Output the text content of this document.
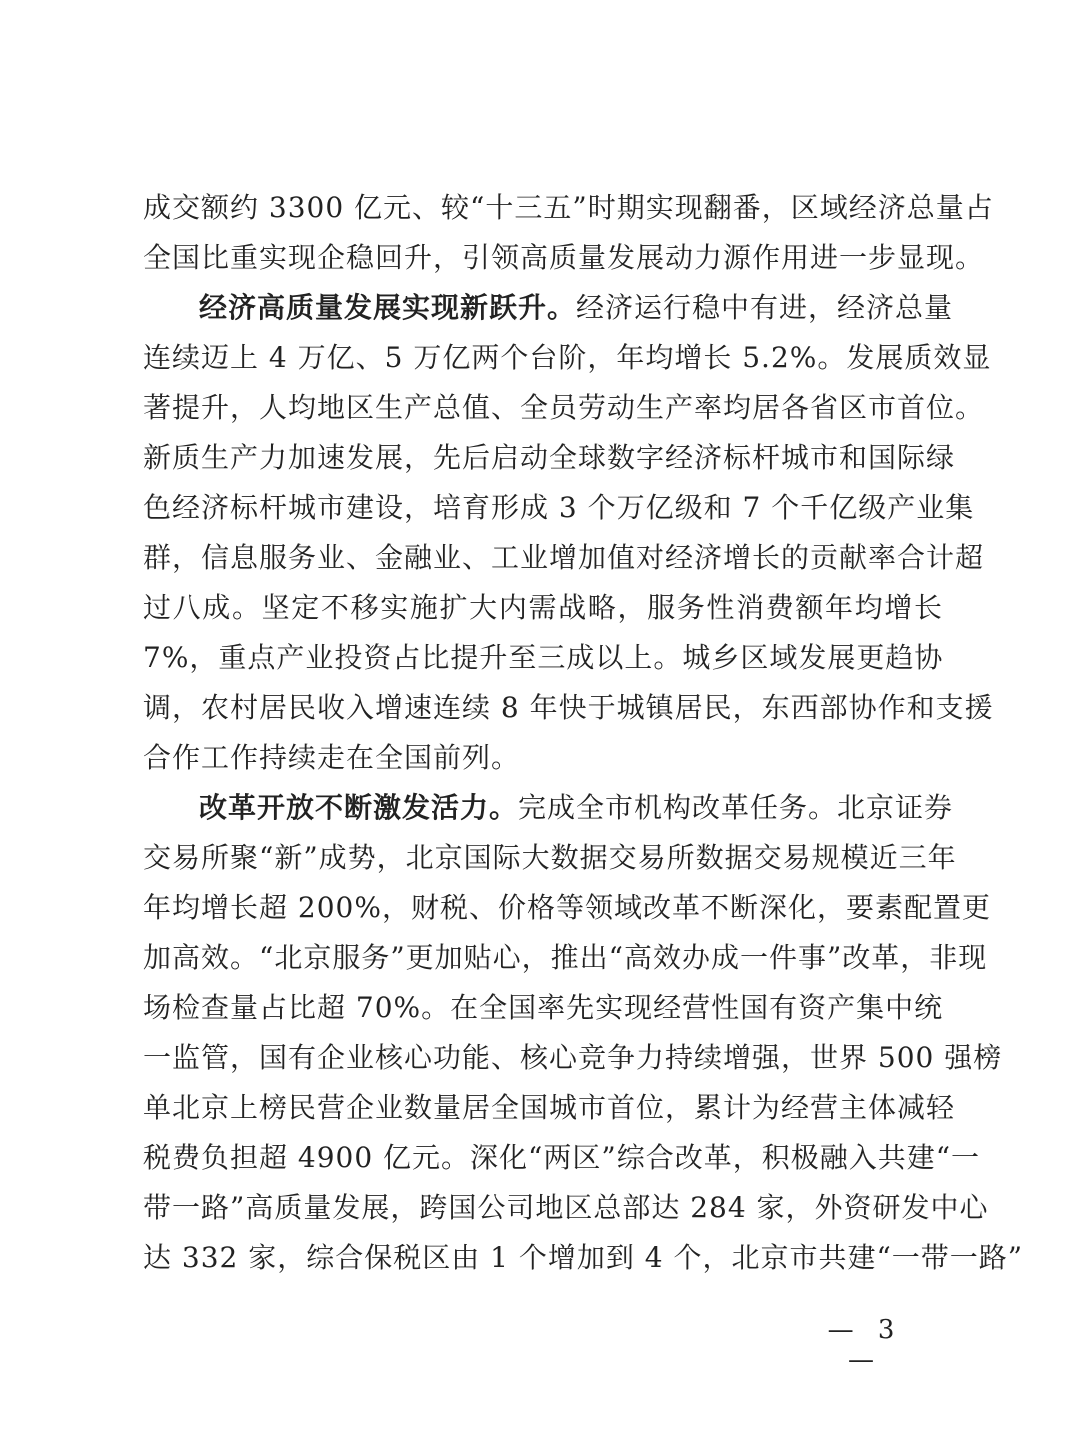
成交额约 3300 亿元、较“十三五”时期实现翻番，区域经济总量占
全国比重实现企稳回升，引领高质量发展动力源作用进一步显现。
经济高质量发展实现新跃升。经济运行稳中有进，经济总量
连续迈上 4 万亿、5 万亿两个台阶，年均增长 5.2%。发展质效显
著提升，人均地区生产总值、全员劳动生产率均居各省区市首位。
新质生产力加速发展，先后启动全球数字经济标杆城市和国际绿
色经济标杆城市建设，培育形成 3 个万亿级和 7 个千亿级产业集
群，信息服务业、金融业、工业增加值对经济增长的贡献率合计超
过八成。坚定不移实施扩大内需战略，服务性消费额年均增长
7%，重点产业投资占比提升至三成以上。城乡区域发展更趋协
调，农村居民收入增速连续 8 年快于城镇居民，东西部协作和支援
合作工作持续走在全国前列。
改革开放不断激发活力。完成全市机构改革任务。北京证券
交易所聚“新”成势，北京国际大数据交易所数据交易规模近三年
年均增长超 200%，财税、价格等领域改革不断深化，要素配置更
加高效。“北京服务”更加贴心，推出“高效办成一件事”改革，非现
场检查量占比超 70%。在全国率先实现经营性国有资产集中统
一监管，国有企业核心功能、核心竞争力持续增强，世界 500 强榜
单北京上榜民营企业数量居全国城市首位，累计为经营主体减轻
税费负担超 4900 亿元。深化“两区”综合改革，积极融入共建“一
带一路”高质量发展，跨国公司地区总部达 284 家，外资研发中心
达 332 家，综合保税区由 1 个增加到 4 个，北京市共建“一带一路”
— 3 —
